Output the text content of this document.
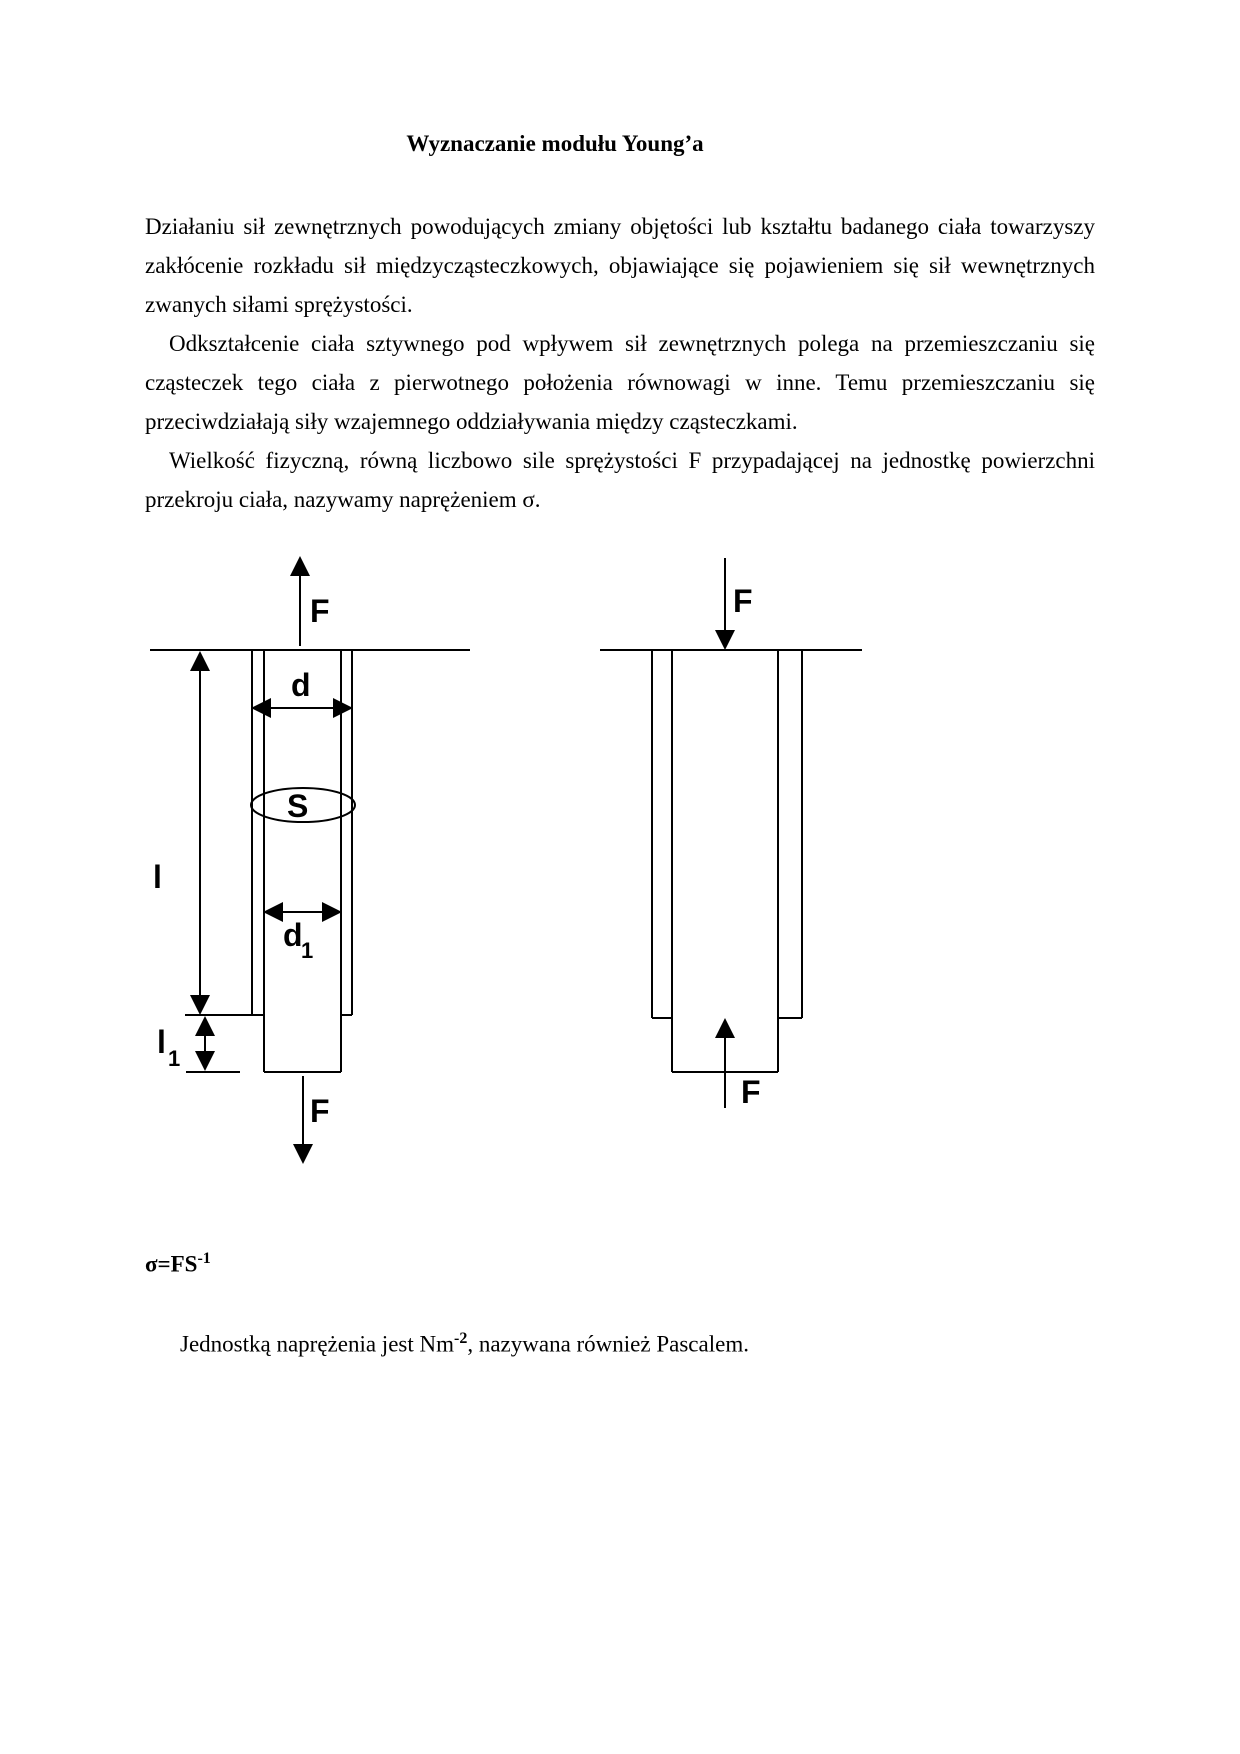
Wyznaczanie modułu Young’a

Działaniu sił zewnętrznych powodujących zmiany objętości lub kształtu badanego ciała towarzyszy zakłócenie rozkładu sił międzycząsteczkowych, objawiające się pojawieniem się sił wewnętrznych zwanych siłami sprężystości.

Odkształcenie ciała sztywnego pod wpływem sił zewnętrznych polega na przemieszczaniu się cząsteczek tego ciała z pierwotnego położenia równowagi w inne. Temu przemieszczaniu się przeciwdziałają siły wzajemnego oddziaływania między cząsteczkami.

Wielkość fizyczną, równą liczbowo sile sprężystości F przypadającej na jednostkę powierzchni przekroju ciała, nazywamy naprężeniem σ.

F
d
S
d
1
l
l 1
F
F
F
$\sigma=FS^{-1}$

Jednostką naprężenia jest $Nm^{-2}$, nazywana również Pascalem.
